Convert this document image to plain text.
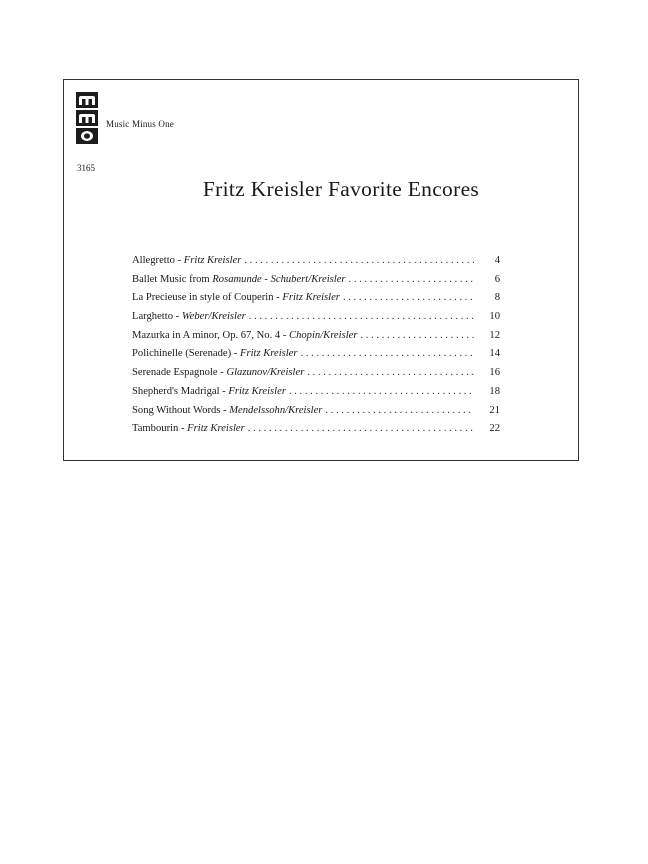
Music Minus One
3165
Fritz Kreisler Favorite Encores
Allegretto - Fritz Kreisler . . .	4
Ballet Music from Rosamunde - Schubert/Kreisler . . .	6
La Precieuse in style of Couperin - Fritz Kreisler . . .	8
Larghetto - Weber/Kreisler . . .	10
Mazurka in A minor, Op. 67, No. 4 - Chopin/Kreisler . . .	12
Polichinelle (Serenade) - Fritz Kreisler . . .	14
Serenade Espagnole - Glazunov/Kreisler . . .	16
Shepherd's Madrigal - Fritz Kreisler . . .	18
Song Without Words - Mendelssohn/Kreisler . . .	21
Tambourin - Fritz Kreisler . . .	22
